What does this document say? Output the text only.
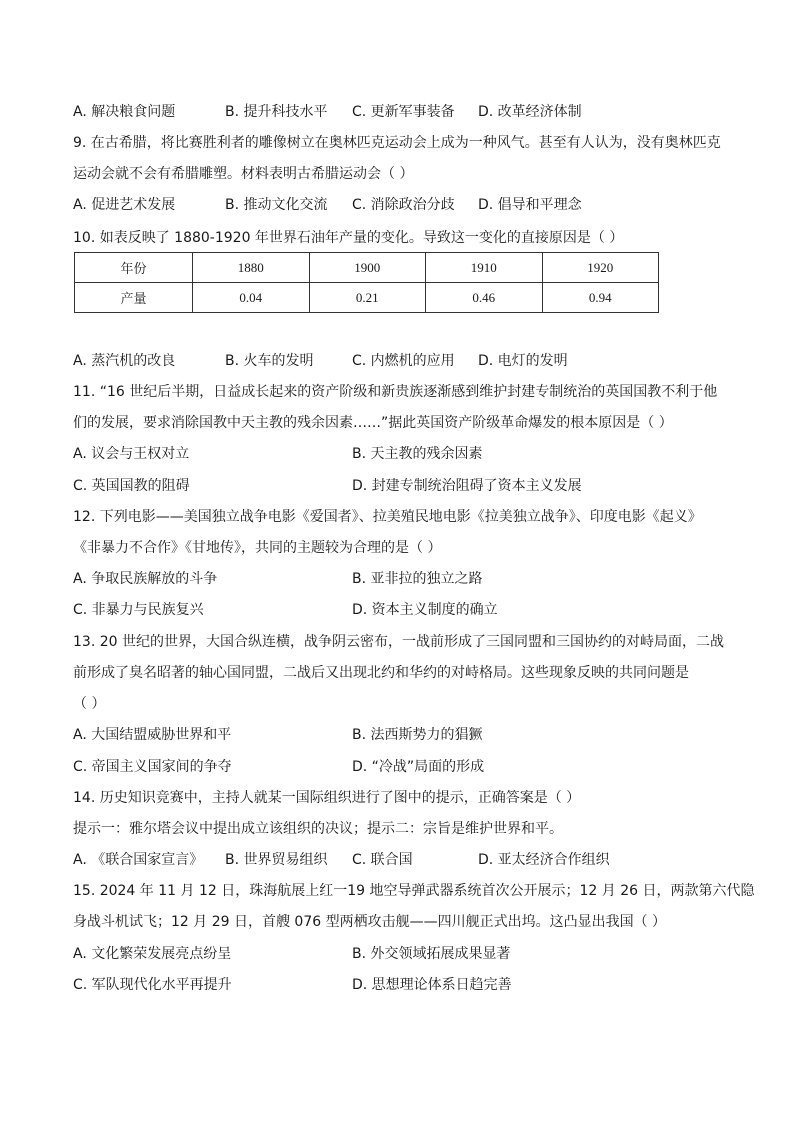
A. 解决粮食问题	B. 提升科技水平 C. 更新军事装备 D. 改革经济体制
9. 在古希腊，将比赛胜利者的雕像树立在奥林匹克运动会上成为一种风气。甚至有人认为，没有奥林匹克
运动会就不会有希腊雕塑。材料表明古希腊运动会（ ）
A. 促进艺术发展	B. 推动文化交流 C. 消除政治分歧 D. 倡导和平理念
10. 如表反映了 1880-1920 年世界石油年产量的变化。导致这一变化的直接原因是（ ）
年份	1880	1900	1910	1920
产量	0.04	0.21	0.46	0.94
A. 蒸汽机的改良	B. 火车的发明	C. 内燃机的应用 D. 电灯的发明
11. “16 世纪后半期，日益成长起来的资产阶级和新贵族逐渐感到维护封建专制统治的英国国教不利于他
们的发展，要求消除国教中天主教的残余因素……”据此英国资产阶级革命爆发的根本原因是（ ）
A. 议会与王权对立	B. 天主教的残余因素
C. 英国国教的阻碍	D. 封建专制统治阻碍了资本主义发展
12. 下列电影——美国独立战争电影《爱国者》、拉美殖民地电影《拉美独立战争》、印度电影《起义》
《非暴力不合作》《甘地传》，共同的主题较为合理的是（ ）
A. 争取民族解放的斗争	B. 亚非拉的独立之路
C. 非暴力与民族复兴	D. 资本主义制度的确立
13. 20 世纪的世界，大国合纵连横，战争阴云密布，一战前形成了三国同盟和三国协约的对峙局面，二战
前形成了臭名昭著的轴心国同盟，二战后又出现北约和华约的对峙格局。这些现象反映的共同问题是
（ ）
A. 大国结盟威胁世界和平	B. 法西斯势力的猖獗
C. 帝国主义国家间的争夺	D. “冷战”局面的形成
14. 历史知识竞赛中，主持人就某一国际组织进行了图中的提示，正确答案是（ ）
提示一：雅尔塔会议中提出成立该组织的决议；提示二：宗旨是维护世界和平。
A. 《联合国家宣言》 B. 世界贸易组织 C. 联合国	D. 亚太经济合作组织
15. 2024 年 11 月 12 日，珠海航展上红一19 地空导弹武器系统首次公开展示；12 月 26 日，两款第六代隐
身战斗机试飞；12 月 29 日，首艘 076 型两栖攻击舰——四川舰正式出坞。这凸显出我国（ ）
A. 文化繁荣发展亮点纷呈	B. 外交领域拓展成果显著
C. 军队现代化水平再提升	D. 思想理论体系日趋完善
